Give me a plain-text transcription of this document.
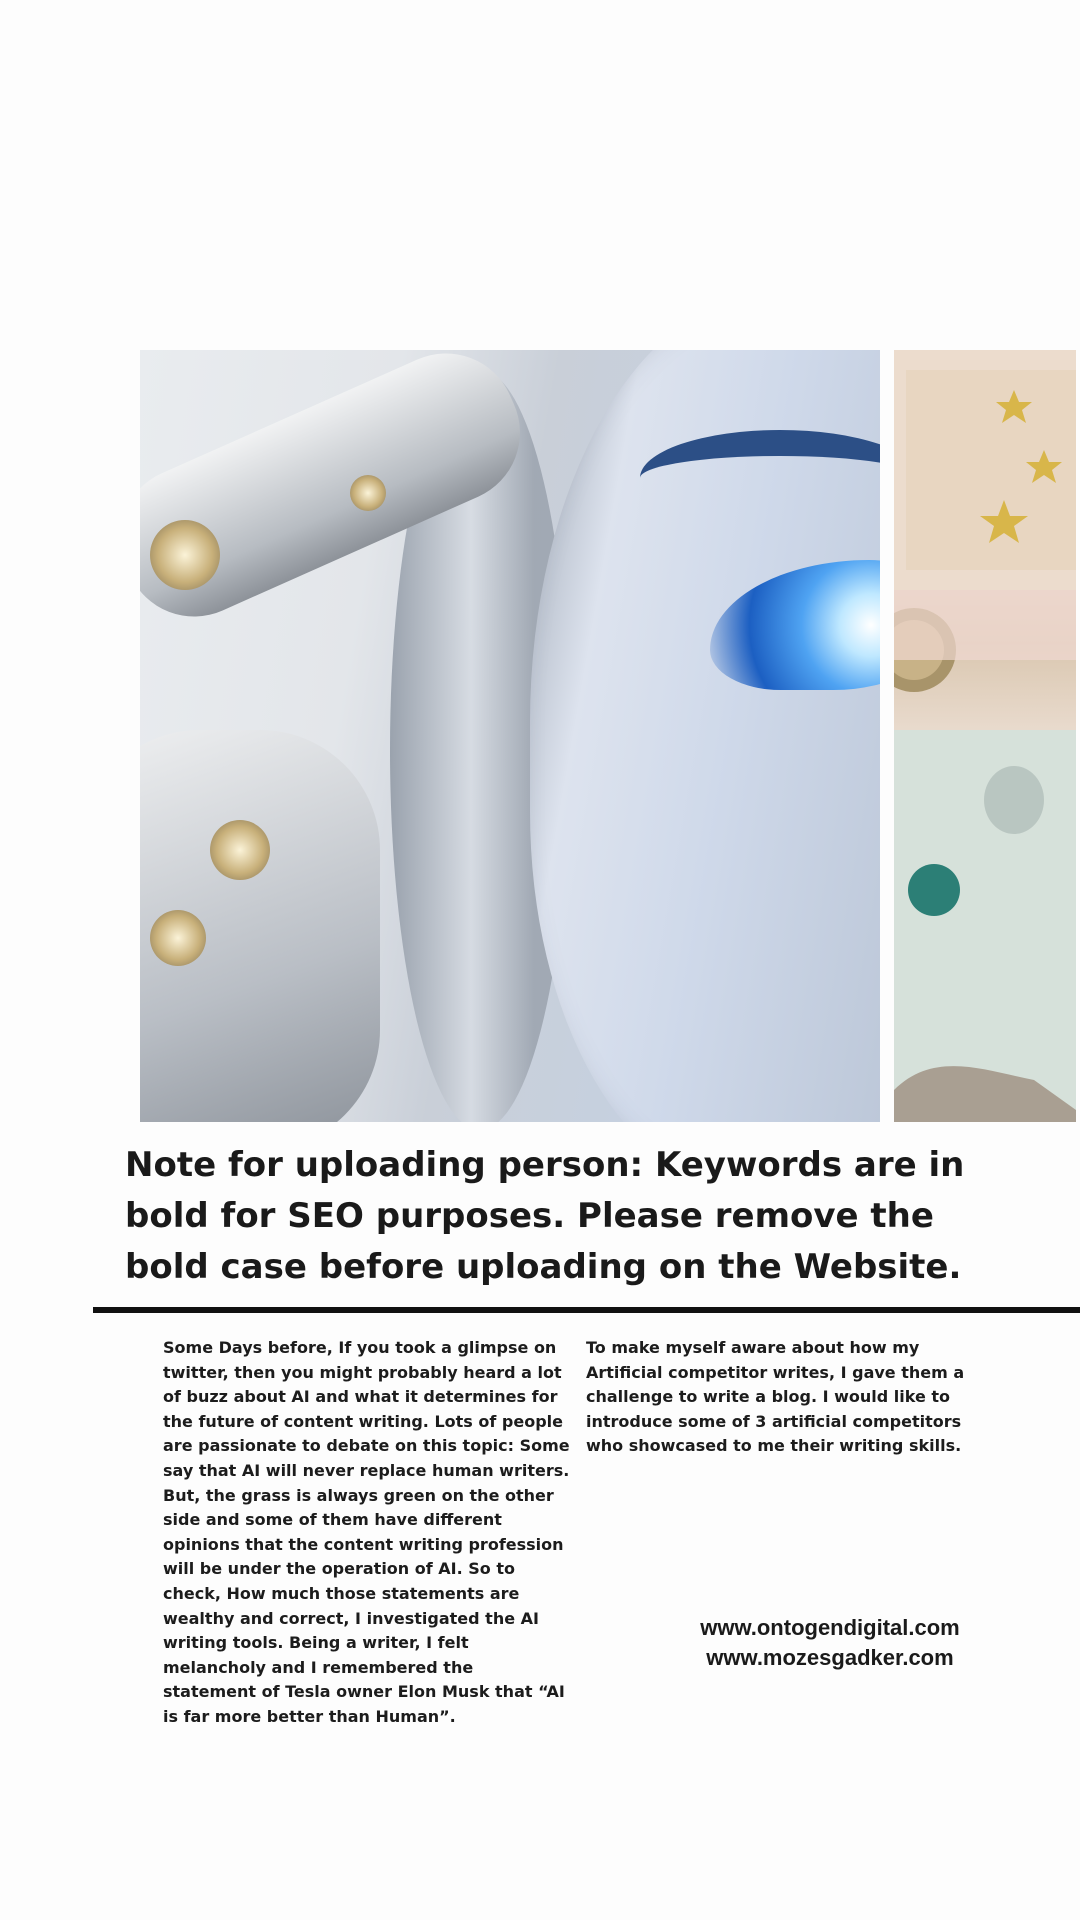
Note for uploading person: Keywords are in bold for SEO purposes. Please remove the bold case before uploading on the Website.

Some Days before, If you took a glimpse on twitter, then you might probably heard a lot of buzz about AI and what it determines for the future of content writing. Lots of people are passionate to debate on this topic: Some say that AI will never replace human writers. But, the grass is always green on the other side and some of them have different opinions that the content writing profession will be under the operation of AI. So to check, How much those statements are wealthy and correct, I investigated the AI writing tools. Being a writer, I felt melancholy and I remembered the statement of Tesla owner Elon Musk that “AI is far more better than Human”.

To make myself aware about how my Artificial competitor writes, I gave them a challenge to write a blog. I would like to introduce some of 3 artificial competitors who showcased to me their writing skills.

www.ontogendigital.com
www.mozesgadker.com
